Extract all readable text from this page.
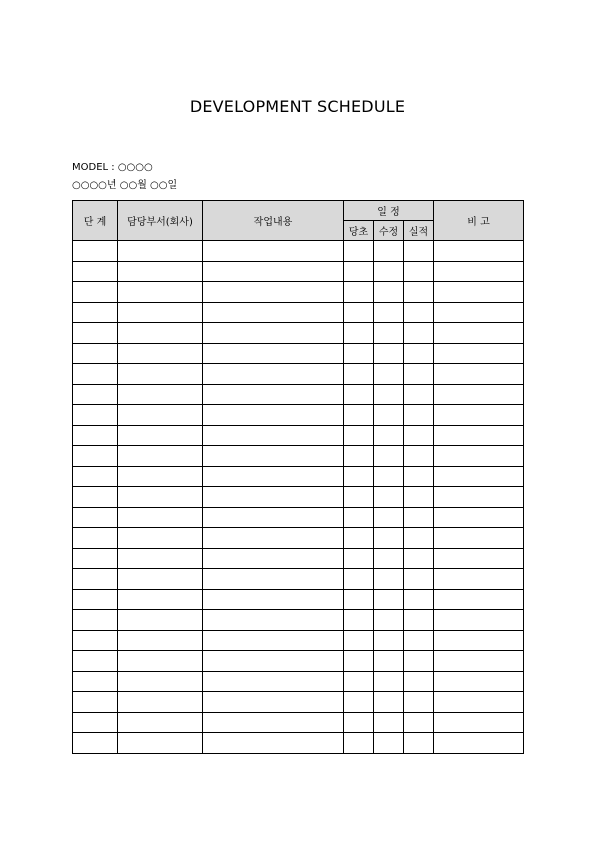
DEVELOPMENT SCHEDULE
MODEL : ○○○○
○○○○년 ○○월 ○○일
단 계	담당부서(회사)	작업내용	일 정			비 고
			당초	수정	실적	
